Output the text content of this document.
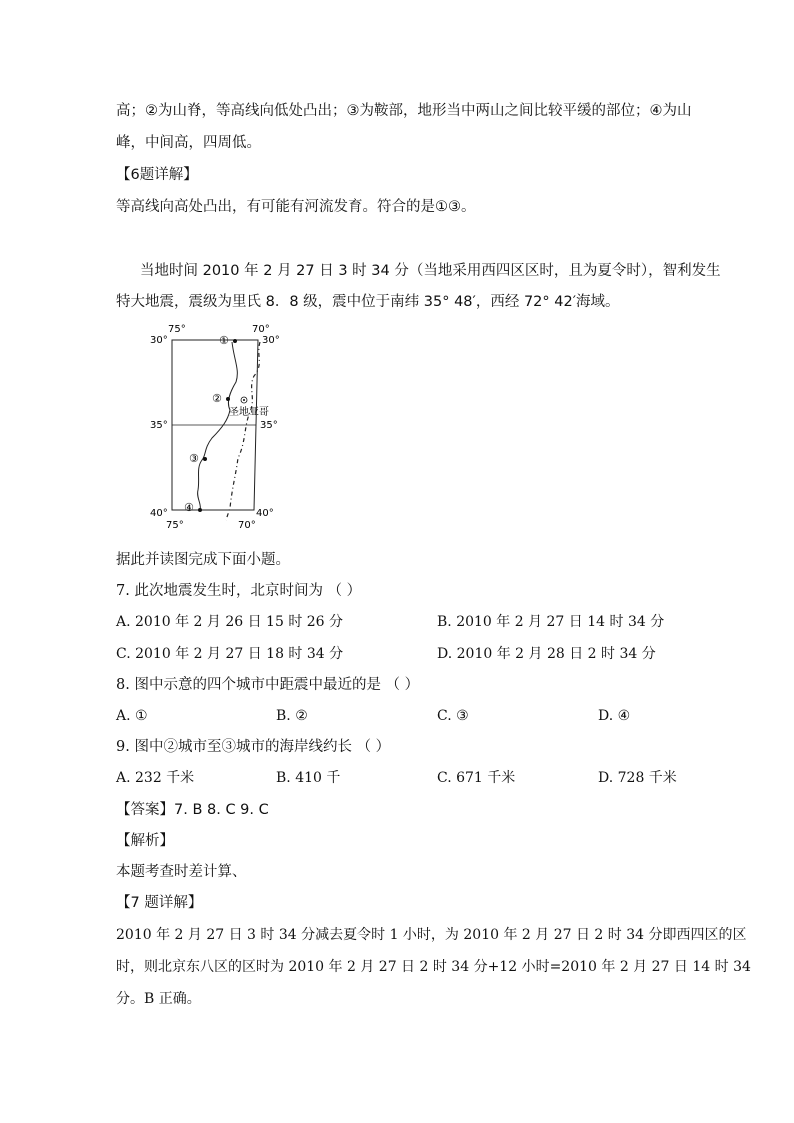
高；②为山脊，等高线向低处凸出；③为鞍部，地形当中两山之间比较平缓的部位；④为山
峰，中间高，四周低。
【6题详解】
等高线向高处凸出，有可能有河流发育。符合的是①③。
当地时间 2010 年 2 月 27 日 3 时 34 分（当地采用西四区区时，且为夏令时），智利发生
特大地震，震级为里氏 8．8 级，震中位于南纬 35° 48′，西经 72° 42′海域。
①
②
③
④
圣地亚哥
75°	70°
30°	30°
35°	35°
40°	40°
75°	70°
据此并读图完成下面小题。
7. 此次地震发生时，北京时间为 （ ）
A. 2010 年 2 月 26 日 15 时 26 分	B. 2010 年 2 月 27 日 14 时 34 分
C. 2010 年 2 月 27 日 18 时 34 分	D. 2010 年 2 月 28 日 2 时 34 分
8. 图中示意的四个城市中距震中最近的是 （ ）
A. ①	B. ②	C. ③	D. ④
9. 图中②城市至③城市的海岸线约长 （ ）
A. 232 千米	B. 410 千	C. 671 千米	D. 728 千米
【答案】7. B 8. C 9. C
【解析】
本题考查时差计算、
【7 题详解】
2010 年 2 月 27 日 3 时 34 分减去夏令时 1 小时，为 2010 年 2 月 27 日 2 时 34 分即西四区的区
时，则北京东八区的区时为 2010 年 2 月 27 日 2 时 34 分+12 小时=2010 年 2 月 27 日 14 时 34
分。B 正确。
